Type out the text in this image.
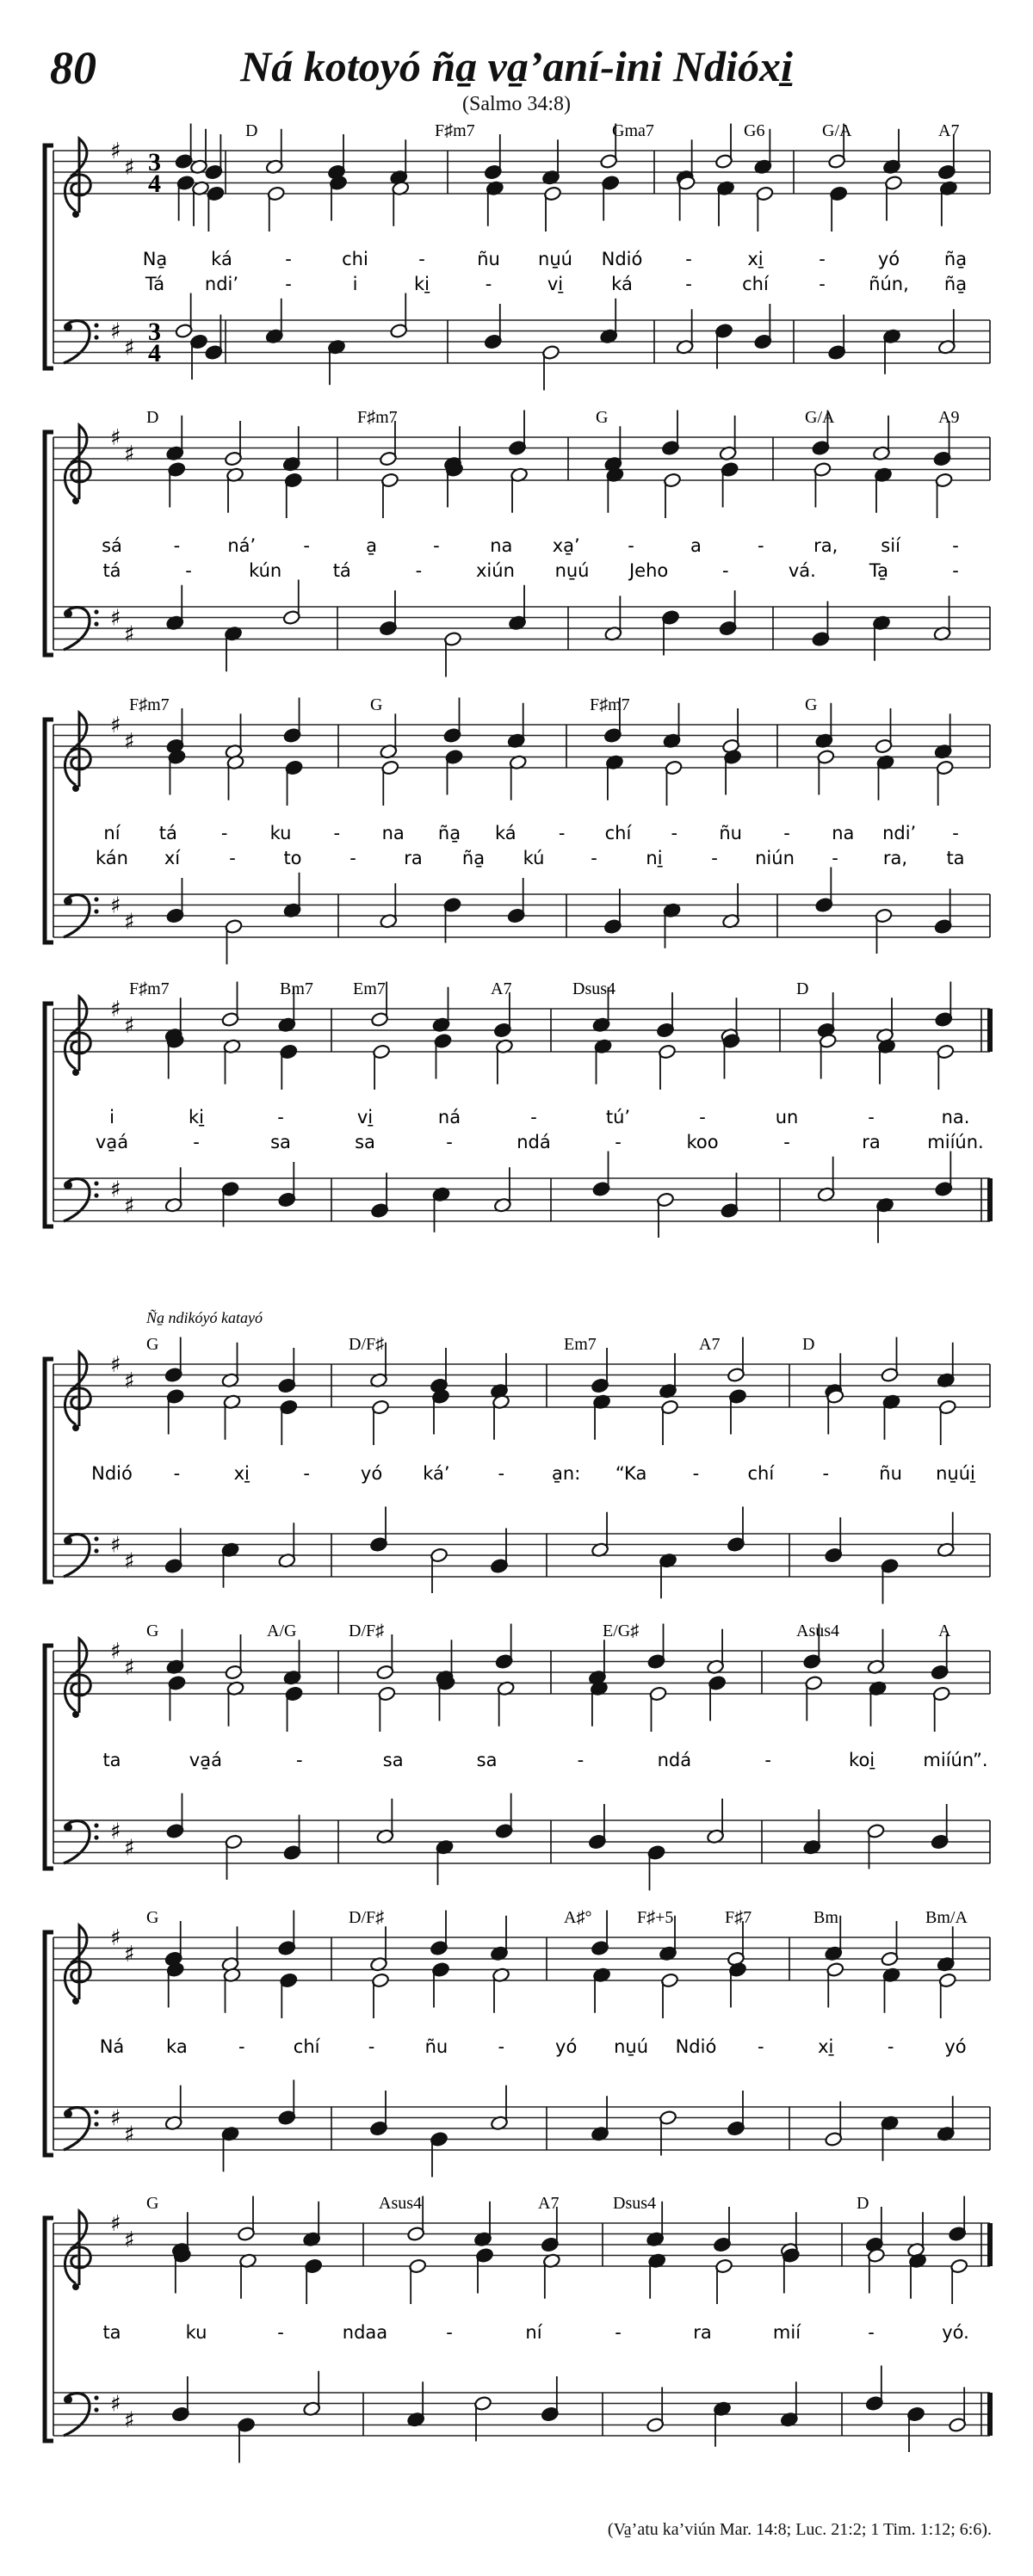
80	Ná kotoyó ña̱ va̱’aní-ini Ndióxi̱
(Salmo 34:8)
♯
♯
♯
♯
3
4
3
4
D	F♯m7	Gma7	G6	G/A	A7
Na̱ ká	-	chi	-	ñu nu̱ú Ndió -	xi̱	-	yó ña̱
Tá ndi’	-	i	ki̱	-	vi̱	ká	-	chí	- ñún, ña̱
♯
♯
♯
♯
D	F♯m7	G	G/A	A9
sá	-	ná’	-	a̱	-	na xa̱’	-	a	-	ra, sií	-
tá	-	kún	tá	-	xiún nu̱ú Jeho	-	vá.	Ta̱	-
♯
♯
♯
♯
F♯m7	G	F♯m7	G
ní tá - ku - na ña̱ ká - chí - ñu - na ndi’ -
kán xí	-	to	-	ra ña̱ kú	-	ni̱	- niún - ra, ta
♯
♯
♯
♯
F♯m7	Bm7 Em7	A7	Dsus4	D
i	ki̱	-	vi̱	ná	-	tú’	-	un	-	na.
va̱á	-	sa	sa	-	ndá	-	koo	-	ra	miíún.
♯
♯
♯
♯
G	D/F♯	Em7	A7	D
Ña̱ ndikóyó katayó
Ndió -	xi̱	-	yó ká’	-	a̱n: “Ka	-	chí	-	ñu nu̱úi̱
♯
♯
♯
♯
G	A/G	D/F♯	E/G♯	Asus4	A
ta	va̱á	-	sa	sa	-	ndá	-	koi̱	miíún”.
♯
♯
♯
♯
G	D/F♯	A♯°	F♯+5	F♯7	Bm	Bm/A
Ná ka	-	chí	-	ñu	-	yó nu̱ú Ndió -	xi̱	-	yó
♯
♯
♯
♯
G	Asus4	A7	Dsus4	D
ta	ku	-	ndaa	-	ní	-	ra	mií	-	yó.
(Va̱’atu ka’viún Mar. 14:8; Luc. 21:2; 1 Tim. 1:12; 6:6).
